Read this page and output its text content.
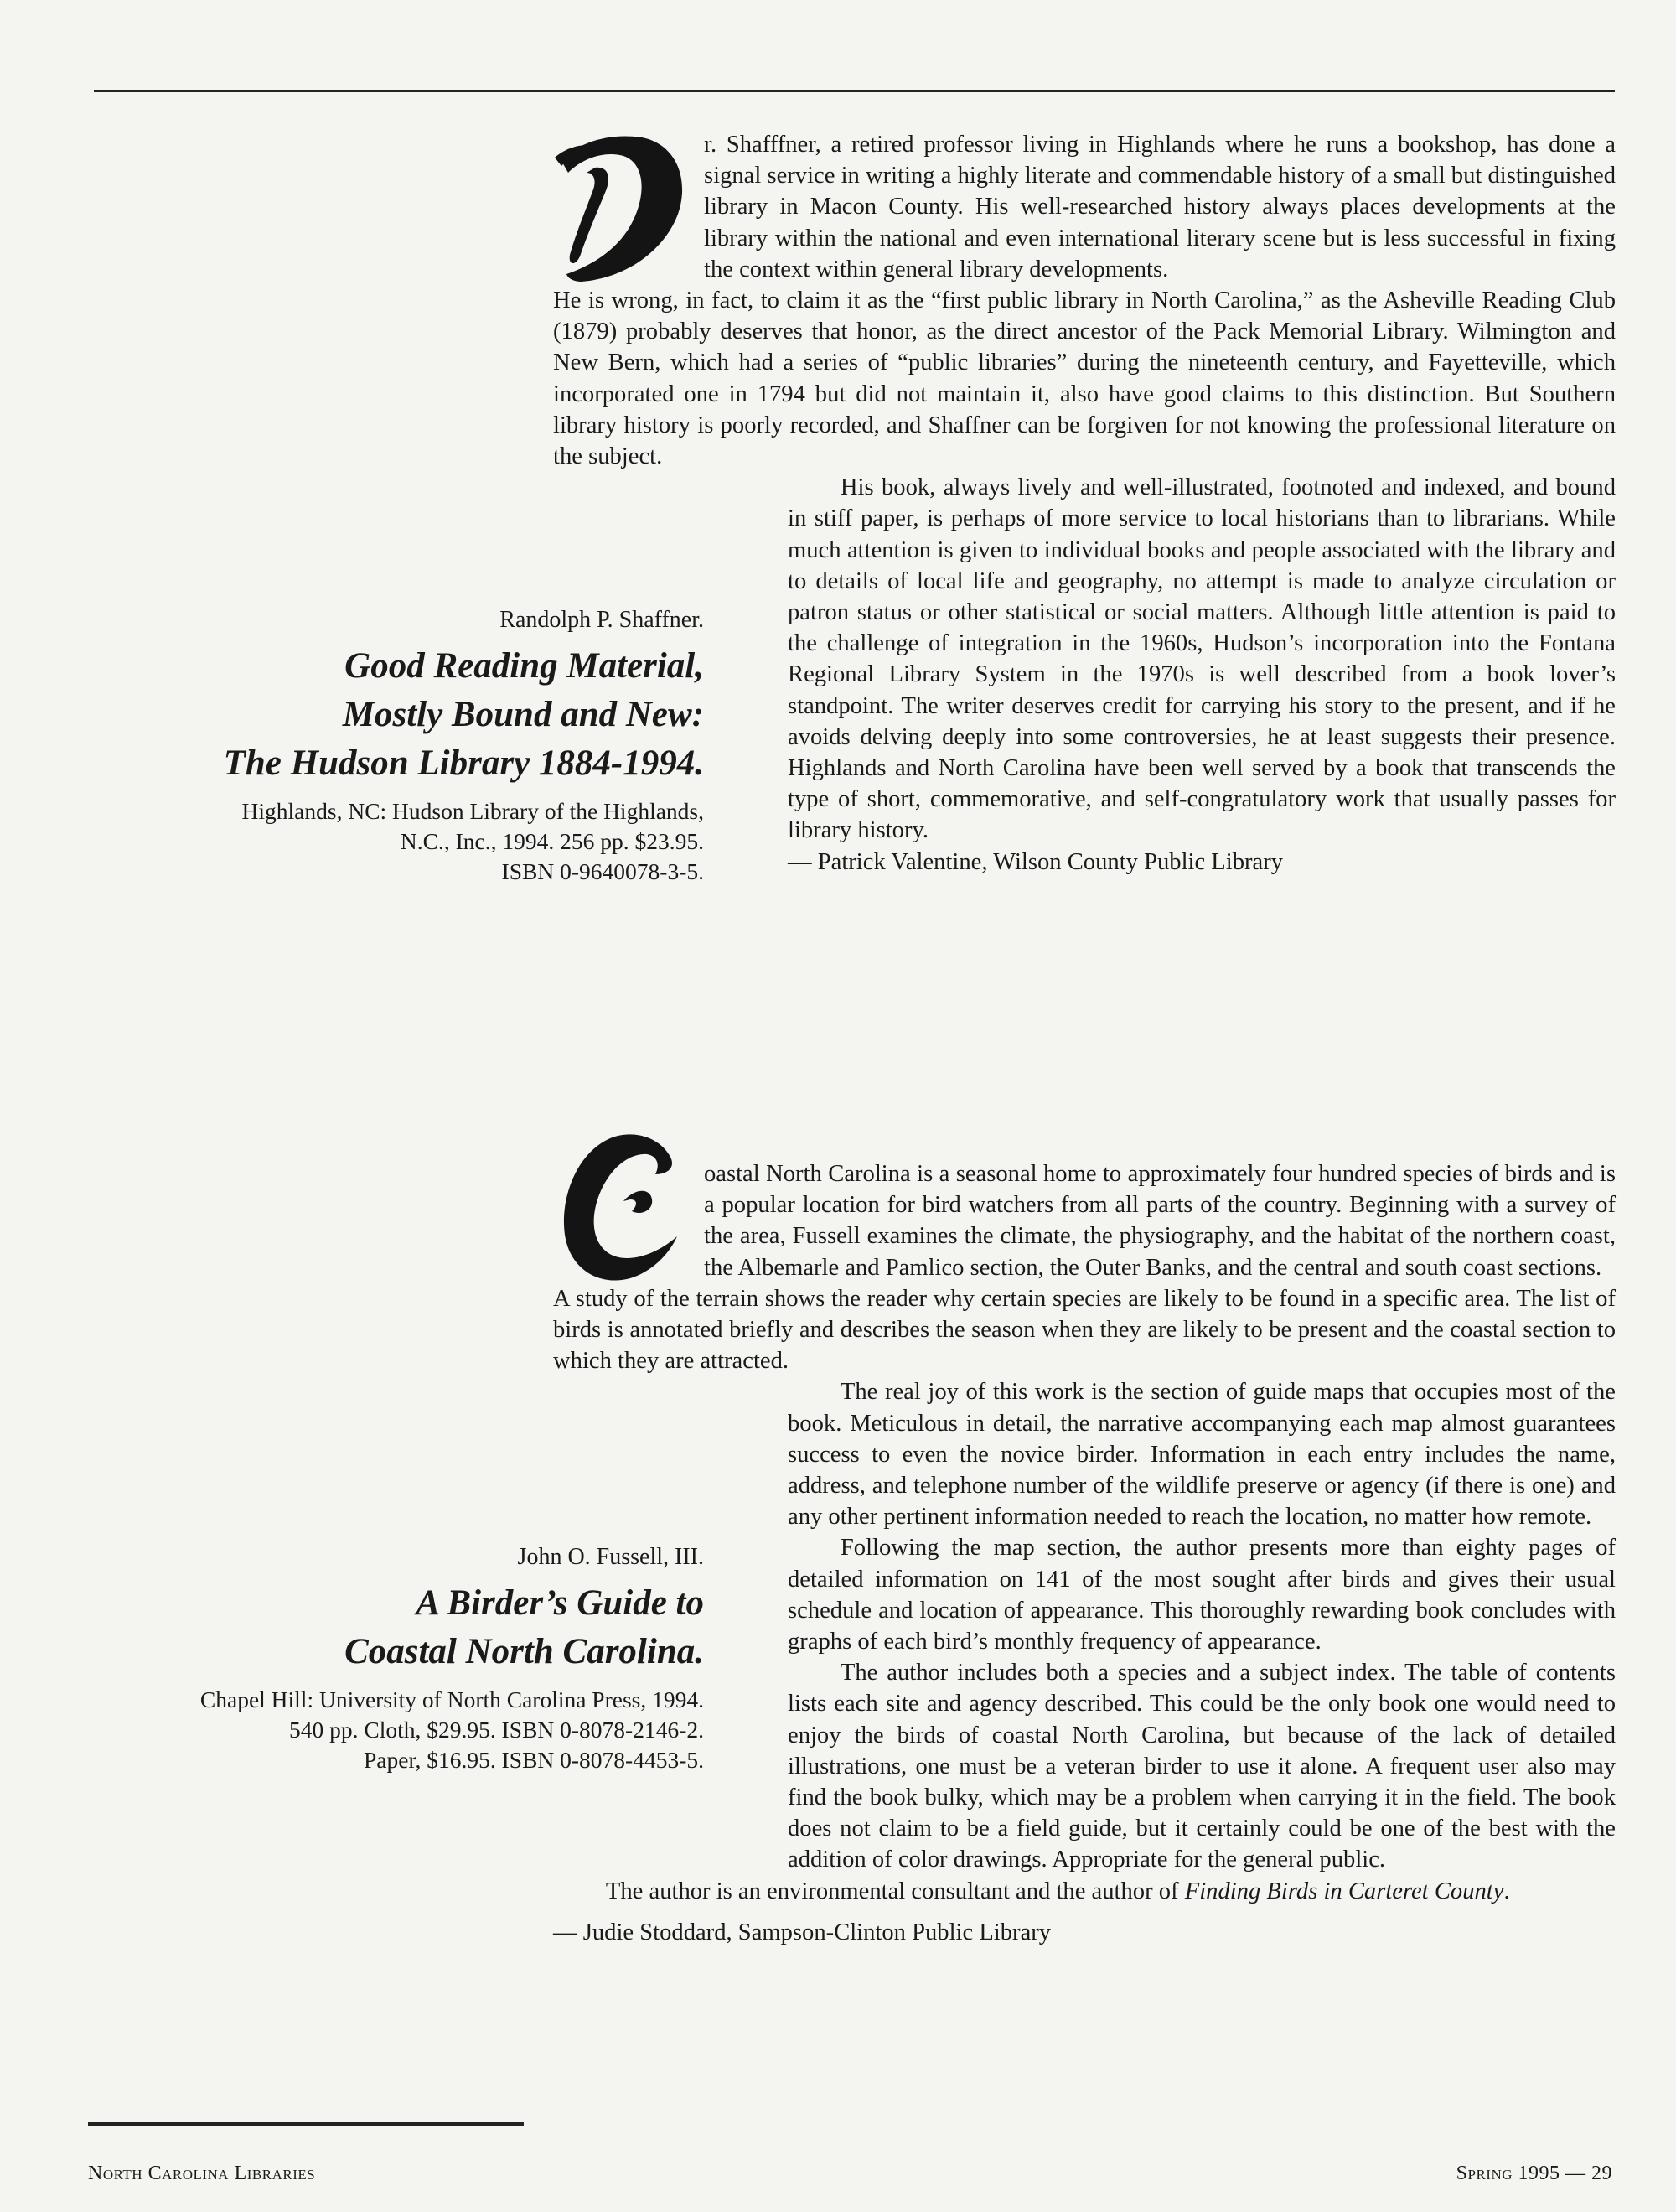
r. Shafffner, a retired professor living in Highlands where he runs a bookshop, has done a signal service in writing a highly literate and commendable history of a small but distinguished library in Macon County. His well-researched history always places developments at the library within the national and even international literary scene but is less successful in fixing the context within general library developments.

He is wrong, in fact, to claim it as the “first public library in North Carolina,” as the Asheville Reading Club (1879) probably deserves that honor, as the direct ancestor of the Pack Memorial Library. Wilmington and New Bern, which had a series of “public libraries” during the nineteenth century, and Fayetteville, which incorporated one in 1794 but did not maintain it, also have good claims to this distinction. But Southern library history is poorly recorded, and Shaffner can be forgiven for not knowing the professional literature on the subject.

His book, always lively and well-illustrated, footnoted and indexed, and bound in stiff paper, is perhaps of more service to local historians than to librarians. While much attention is given to individual books and people associated with the library and to details of local life and geography, no attempt is made to analyze circulation or patron status or other statistical or social matters. Although little attention is paid to the challenge of integration in the 1960s, Hudson’s incorporation into the Fontana Regional Library System in the 1970s is well described from a book lover’s standpoint. The writer deserves credit for carrying his story to the present, and if he avoids delving deeply into some controversies, he at least suggests their presence. Highlands and North Carolina have been well served by a book that transcends the type of short, commemorative, and self-congratulatory work that usually passes for library history.

— Patrick Valentine, Wilson County Public Library

Randolph P. Shaffner.
Good Reading Material,
Mostly Bound and New:
The Hudson Library 1884-1994.
Highlands, NC: Hudson Library of the Highlands,
N.C., Inc., 1994. 256 pp. $23.95.
ISBN 0-9640078-3-5.

oastal North Carolina is a seasonal home to approximately four hundred species of birds and is a popular location for bird watchers from all parts of the country. Beginning with a survey of the area, Fussell examines the climate, the physiography, and the habitat of the northern coast, the Albemarle and Pamlico section, the Outer Banks, and the central and south coast sections.

A study of the terrain shows the reader why certain species are likely to be found in a specific area. The list of birds is annotated briefly and describes the season when they are likely to be present and the coastal section to which they are attracted.

The real joy of this work is the section of guide maps that occupies most of the book. Meticulous in detail, the narrative accompanying each map almost guarantees success to even the novice birder. Information in each entry includes the name, address, and telephone number of the wildlife preserve or agency (if there is one) and any other pertinent information needed to reach the location, no matter how remote.

Following the map section, the author presents more than eighty pages of detailed information on 141 of the most sought after birds and gives their usual schedule and location of appearance. This thoroughly rewarding book concludes with graphs of each bird’s monthly frequency of appearance.

The author includes both a species and a subject index. The table of contents lists each site and agency described. This could be the only book one would need to enjoy the birds of coastal North Carolina, but because of the lack of detailed illustrations, one must be a veteran birder to use it alone. A frequent user also may find the book bulky, which may be a problem when carrying it in the field. The book does not claim to be a field guide, but it certainly could be one of the best with the addition of color drawings. Appropriate for the general public.

The author is an environmental consultant and the author of Finding Birds in Carteret County.

— Judie Stoddard, Sampson-Clinton Public Library

John O. Fussell, III.
A Birder’s Guide to
Coastal North Carolina.
Chapel Hill: University of North Carolina Press, 1994.
540 pp. Cloth, $29.95. ISBN 0-8078-2146-2.
Paper, $16.95. ISBN 0-8078-4453-5.
North Carolina Libraries	Spring 1995 — 29
